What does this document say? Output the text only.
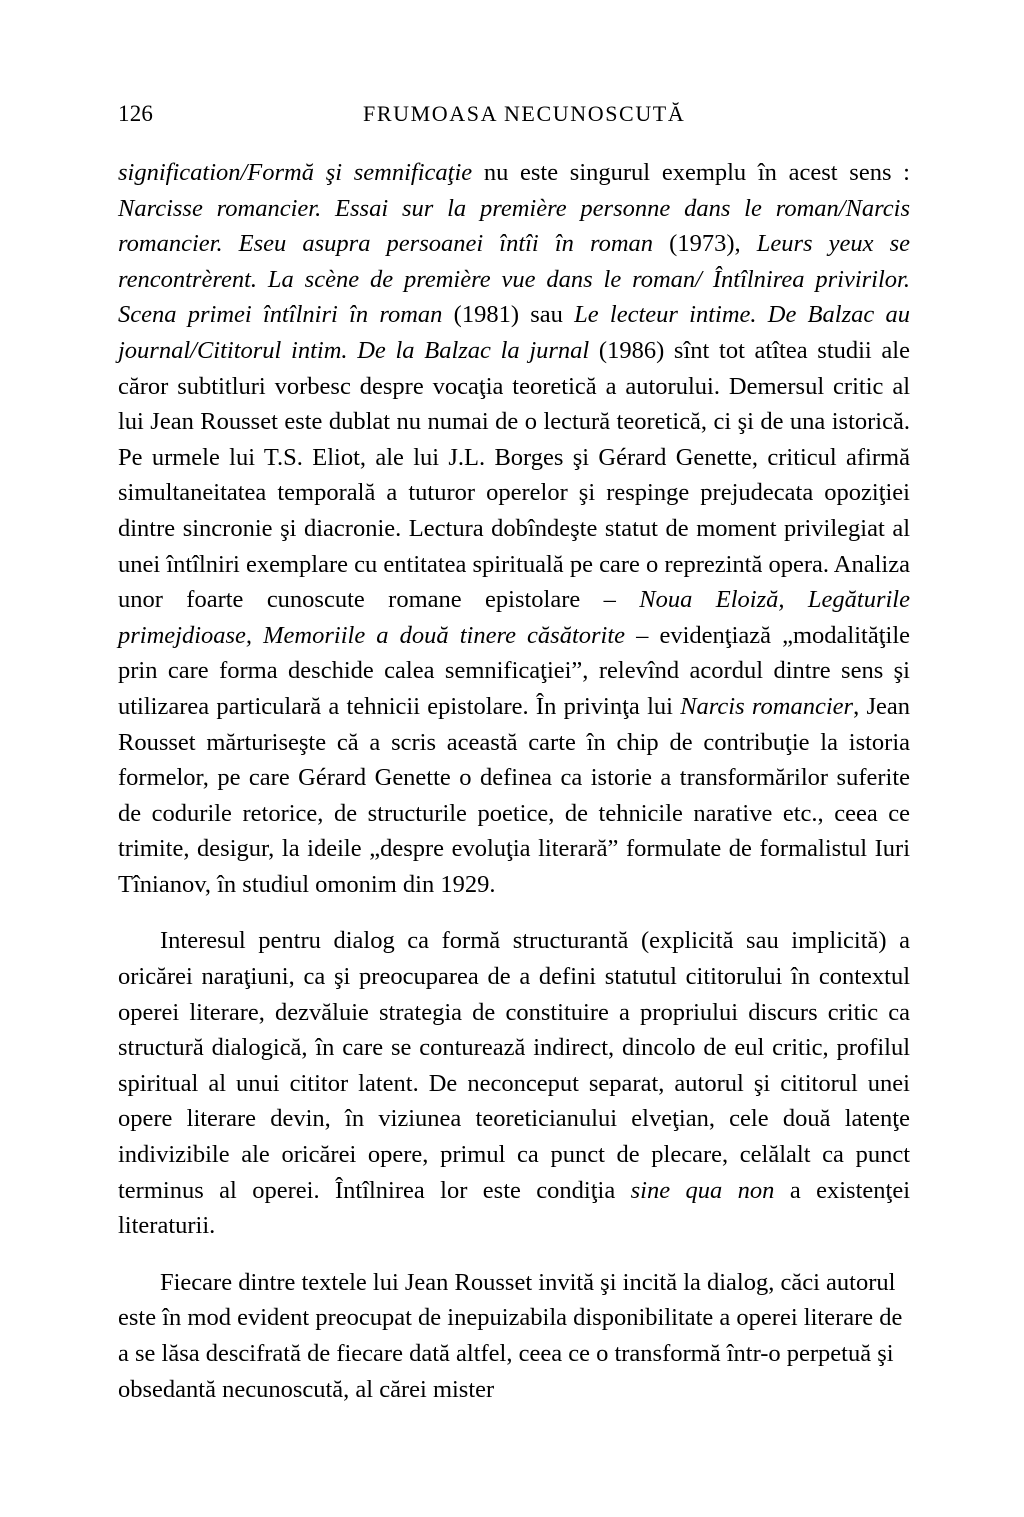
126	FRUMOASA NECUNOSCUTĂ

signification/Formă şi semnificaţie nu este singurul exemplu în acest sens : Narcisse romancier. Essai sur la première personne dans le roman/Narcis romancier. Eseu asupra persoanei întîi în roman (1973), Leurs yeux se rencontrèrent. La scène de première vue dans le roman/ Întîlnirea privirilor. Scena primei întîlniri în roman (1981) sau Le lecteur intime. De Balzac au journal/Cititorul intim. De la Balzac la jurnal (1986) sînt tot atîtea studii ale căror subtitluri vorbesc despre vocaţia teoretică a autorului. Demersul critic al lui Jean Rousset este dublat nu numai de o lectură teoretică, ci şi de una istorică. Pe urmele lui T.S. Eliot, ale lui J.L. Borges şi Gérard Genette, criticul afirmă simultaneitatea temporală a tuturor operelor şi respinge prejudecata opoziţiei dintre sincronie şi diacronie. Lectura dobîndeşte statut de moment privilegiat al unei întîlniri exemplare cu entitatea spirituală pe care o reprezintă opera. Analiza unor foarte cunoscute romane epistolare – Noua Eloiză, Legăturile primejdioase, Memoriile a două tinere căsătorite – evidenţiază „modalităţile prin care forma deschide calea semnificaţiei”, relevînd acordul dintre sens şi utilizarea particulară a tehnicii epistolare. În privinţa lui Narcis romancier, Jean Rousset mărturiseşte că a scris această carte în chip de contribuţie la istoria formelor, pe care Gérard Genette o definea ca istorie a transformărilor suferite de codurile retorice, de structurile poetice, de tehnicile narative etc., ceea ce trimite, desigur, la ideile „despre evoluţia literară” formulate de formalistul Iuri Tînianov, în studiul omonim din 1929.

Interesul pentru dialog ca formă structurantă (explicită sau implicită) a oricărei naraţiuni, ca şi preocuparea de a defini statutul cititorului în contextul operei literare, dezvăluie strategia de constituire a propriului discurs critic ca structură dialogică, în care se conturează indirect, dincolo de eul critic, profilul spiritual al unui cititor latent. De neconceput separat, autorul şi cititorul unei opere literare devin, în viziunea teoreticianului elveţian, cele două latenţe indivizibile ale oricărei opere, primul ca punct de plecare, celălalt ca punct terminus al operei. Întîlnirea lor este condiţia sine qua non a existenţei literaturii.

Fiecare dintre textele lui Jean Rousset invită şi incită la dialog, căci autorul este în mod evident preocupat de inepuizabila disponibilitate a operei literare de a se lăsa descifrată de fiecare dată altfel, ceea ce o transformă într-o perpetuă şi obsedantă necunoscută, al cărei mister
